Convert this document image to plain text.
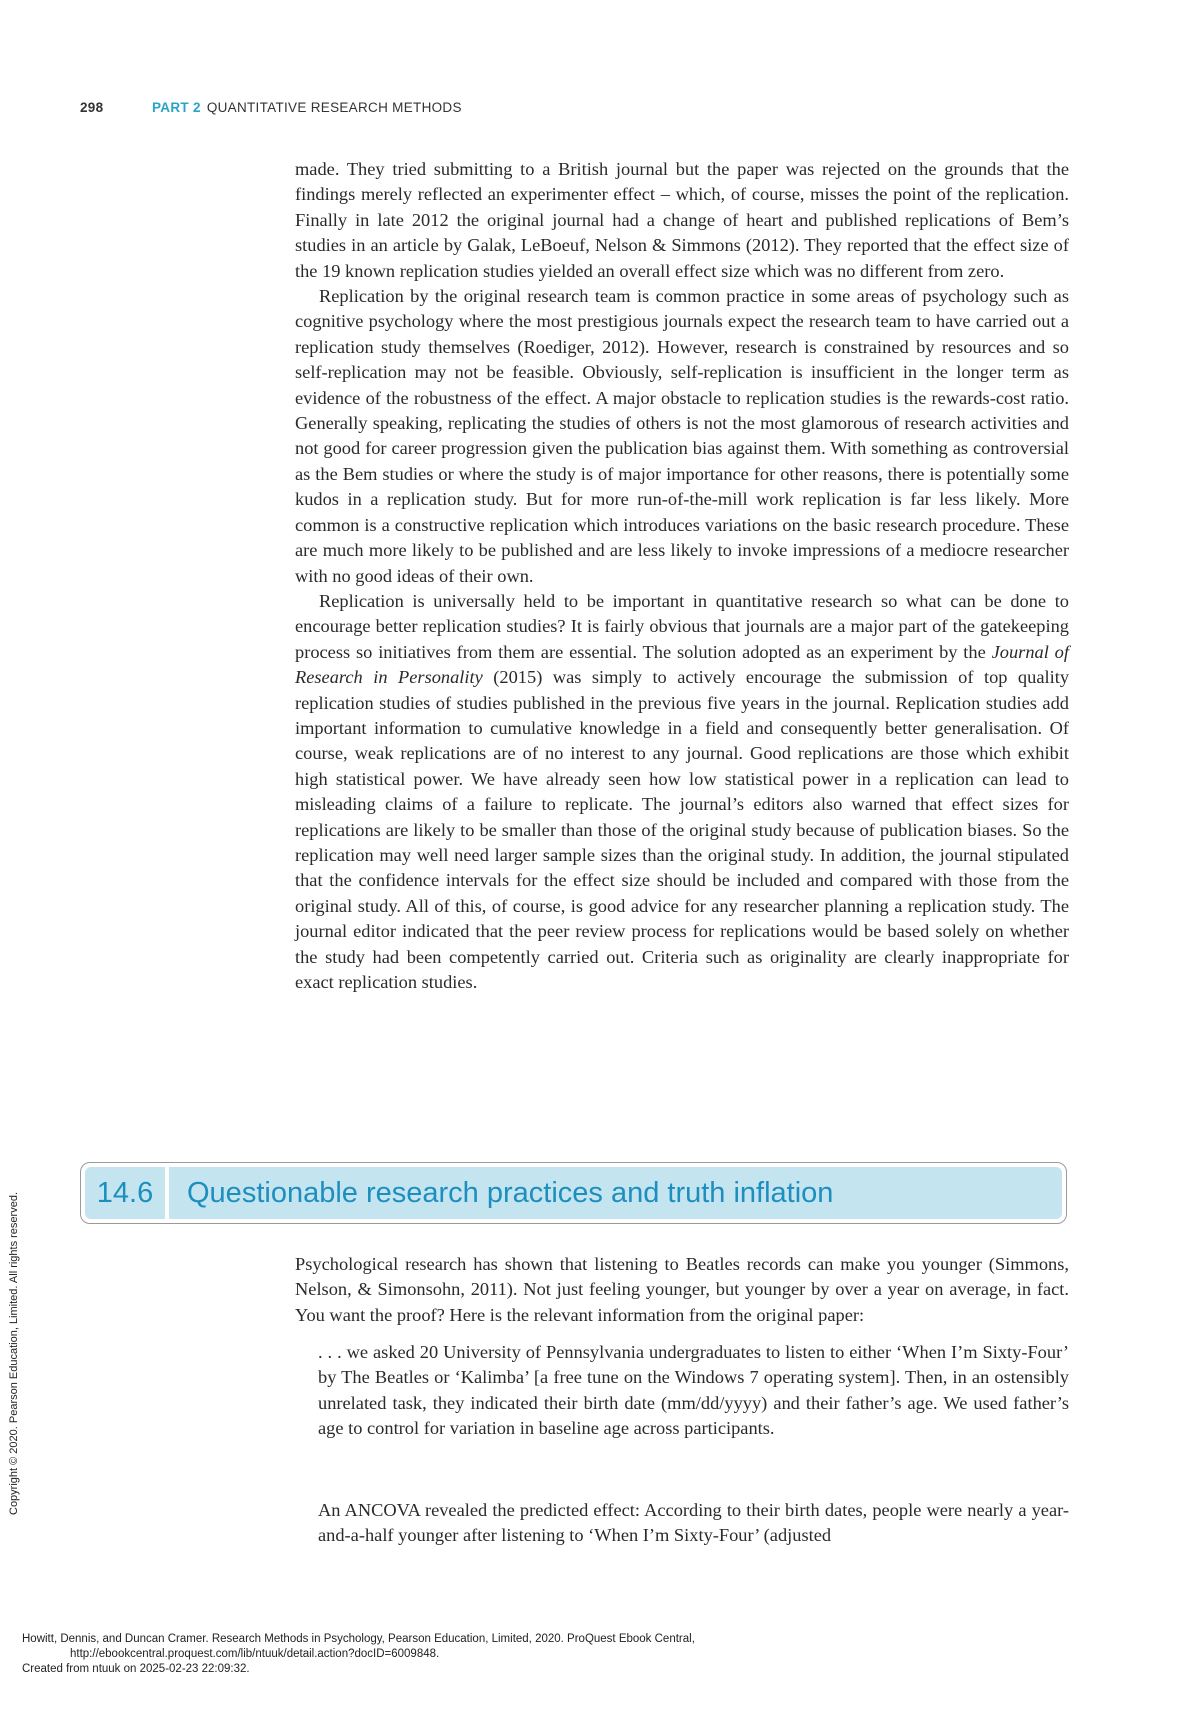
298	PART 2 QUANTITATIVE RESEARCH METHODS

made. They tried submitting to a British journal but the paper was rejected on the grounds that the findings merely reflected an experimenter effect – which, of course, misses the point of the replication. Finally in late 2012 the original journal had a change of heart and published replications of Bem’s studies in an article by Galak, LeBoeuf, Nelson & Simmons (2012). They reported that the effect size of the 19 known replication studies yielded an overall effect size which was no different from zero.

Replication by the original research team is common practice in some areas of psychology such as cognitive psychology where the most prestigious journals expect the research team to have carried out a replication study themselves (Roediger, 2012). However, research is constrained by resources and so self-replication may not be feasible. Obviously, self-replication is insufficient in the longer term as evidence of the robustness of the effect. A major obstacle to replication studies is the rewards-cost ratio. Generally speaking, replicating the studies of others is not the most glamorous of research activities and not good for career progression given the publication bias against them. With something as controversial as the Bem studies or where the study is of major importance for other reasons, there is potentially some kudos in a replication study. But for more run-of-the-mill work replication is far less likely. More common is a constructive replication which introduces variations on the basic research procedure. These are much more likely to be published and are less likely to invoke impressions of a mediocre researcher with no good ideas of their own.

Replication is universally held to be important in quantitative research so what can be done to encourage better replication studies? It is fairly obvious that journals are a major part of the gatekeeping process so initiatives from them are essential. The solution adopted as an experiment by the Journal of Research in Personality (2015) was simply to actively encourage the submission of top quality replication studies of studies published in the previous five years in the journal. Replication studies add important information to cumulative knowledge in a field and consequently better generalisation. Of course, weak replications are of no interest to any journal. Good replications are those which exhibit high statistical power. We have already seen how low statistical power in a replication can lead to misleading claims of a failure to replicate. The journal’s editors also warned that effect sizes for replications are likely to be smaller than those of the original study because of publication biases. So the replication may well need larger sample sizes than the original study. In addition, the journal stipulated that the confidence intervals for the effect size should be included and compared with those from the original study. All of this, of course, is good advice for any researcher planning a replication study. The journal editor indicated that the peer review process for replications would be based solely on whether the study had been competently carried out. Criteria such as originality are clearly inappropriate for exact replication studies.

14.6	Questionable research practices and truth inflation

Psychological research has shown that listening to Beatles records can make you younger (Simmons, Nelson, & Simonsohn, 2011). Not just feeling younger, but younger by over a year on average, in fact. You want the proof? Here is the relevant information from the original paper:

. . . we asked 20 University of Pennsylvania undergraduates to listen to either ‘When I’m Sixty-Four’ by The Beatles or ‘Kalimba’ [a free tune on the Windows 7 operating system]. Then, in an ostensibly unrelated task, they indicated their birth date (mm/dd/yyyy) and their father’s age. We used father’s age to control for variation in baseline age across participants.

An ANCOVA revealed the predicted effect: According to their birth dates, people were nearly a year-and-a-half younger after listening to ‘When I’m Sixty-Four’ (adjusted

Copyright © 2020. Pearson Education, Limited. All rights reserved.
Howitt, Dennis, and Duncan Cramer. Research Methods in Psychology, Pearson Education, Limited, 2020. ProQuest Ebook Central,
http://ebookcentral.proquest.com/lib/ntuuk/detail.action?docID=6009848.
Created from ntuuk on 2025-02-23 22:09:32.
